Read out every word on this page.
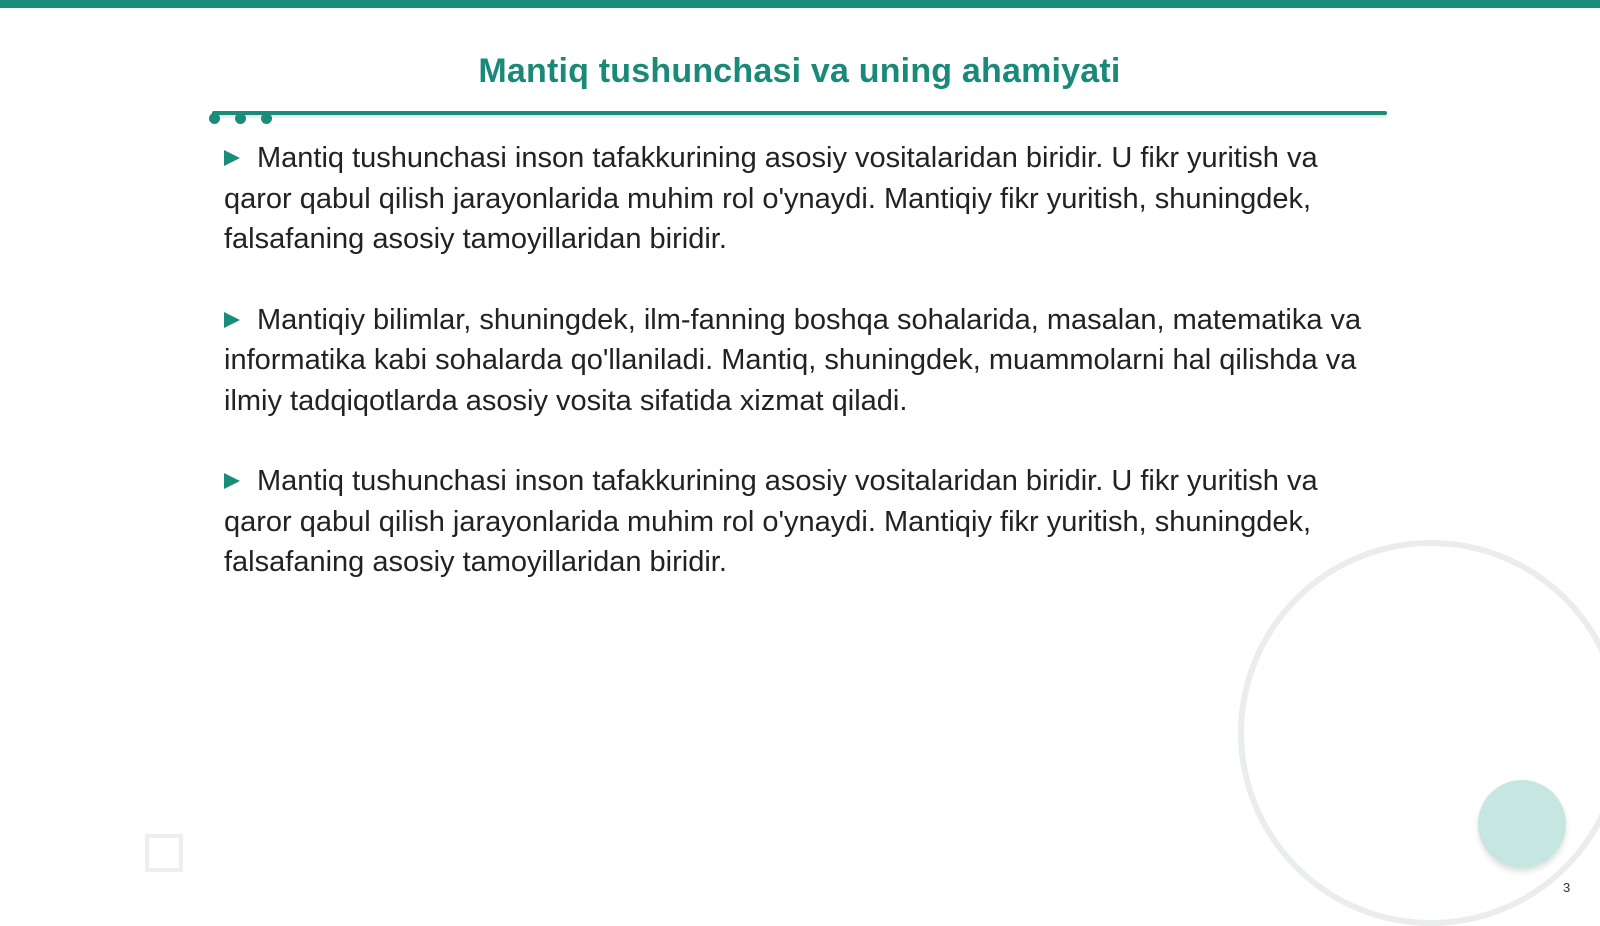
Mantiq tushunchasi va uning ahamiyati

Mantiq tushunchasi inson tafakkurining asosiy vositalaridan biridir. U fikr yuritish va qaror qabul qilish jarayonlarida muhim rol o'ynaydi. Mantiqiy fikr yuritish, shuningdek, falsafaning asosiy tamoyillaridan biridir.

Mantiqiy bilimlar, shuningdek, ilm-fanning boshqa sohalarida, masalan, matematika va informatika kabi sohalarda qo'llaniladi. Mantiq, shuningdek, muammolarni hal qilishda va ilmiy tadqiqotlarda asosiy vosita sifatida xizmat qiladi.

Mantiq tushunchasi inson tafakkurining asosiy vositalaridan biridir. U fikr yuritish va qaror qabul qilish jarayonlarida muhim rol o'ynaydi. Mantiqiy fikr yuritish, shuningdek, falsafaning asosiy tamoyillaridan biridir.

3
